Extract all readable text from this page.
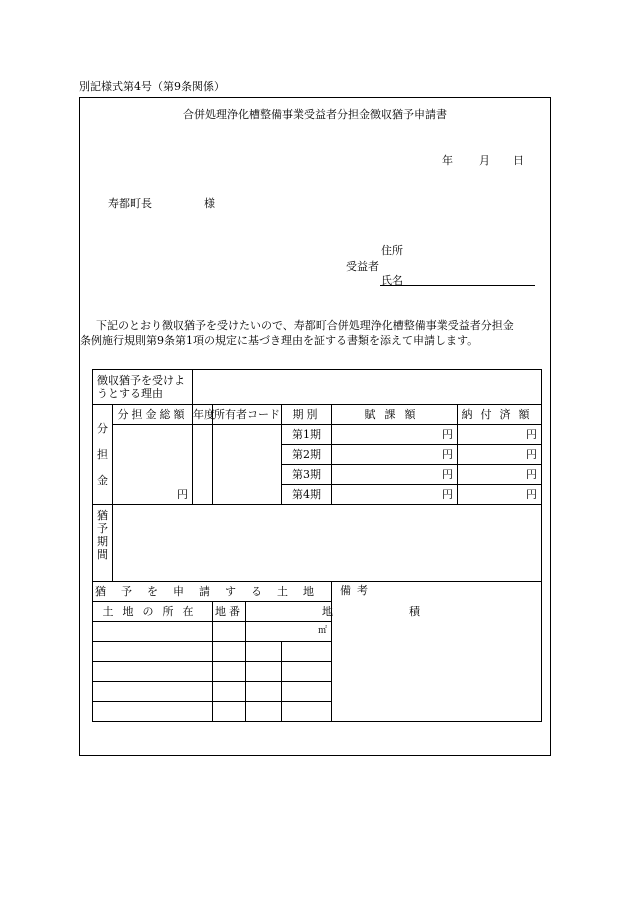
別記様式第4号（第9条関係）
合併処理浄化槽整備事業受益者分担金徴収猶予申請書
年 月 日
寿都町長	様
住所
受益者
氏名
下記のとおり徴収猶予を受けたいので、寿都町合併処理浄化槽整備事業受益者分担金
条例施行規則第9条第1項の規定に基づき理由を証する書類を添えて申請します。
徴収猶予を受けようとする理由							
分

担

金	分担金総額	年度	所有者コード		期別	賦課額	納付済額
	円				第1期	円	円
					第2期	円	円
					第3期	円	円
					第4期	円	円
猶
予
期
間							
猶予を申請する土地						備考	
土地の所在			地番	地積			
				㎡			
